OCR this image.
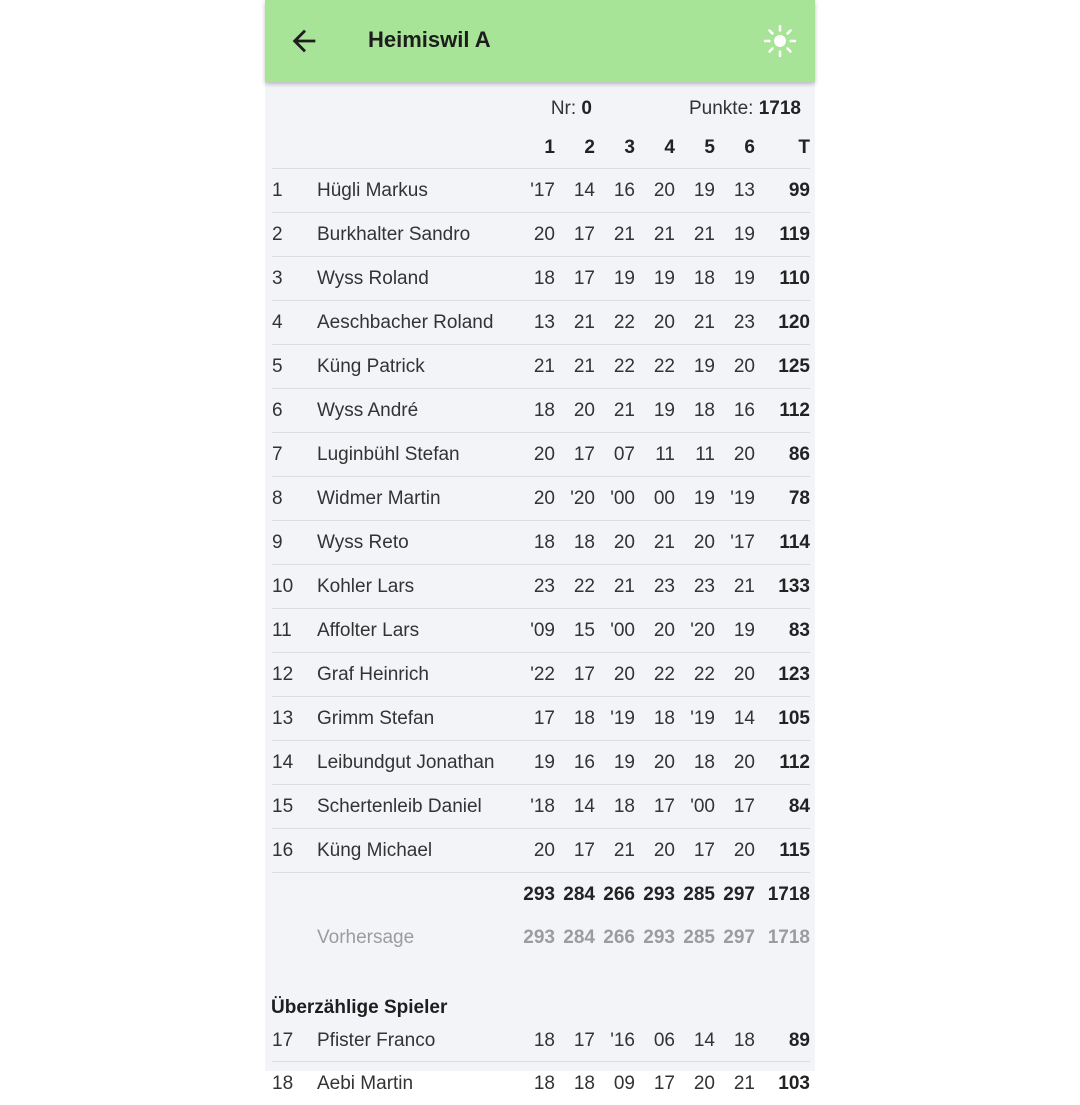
Heimiswil A
Nr: 0	Punkte: 1718
		1	2	3	4	5	6	T
1	Hügli Markus	'17	14	16	20	19	13	99
2	Burkhalter Sandro	20	17	21	21	21	19	119
3	Wyss Roland	18	17	19	19	18	19	110
4	Aeschbacher Roland	13	21	22	20	21	23	120
5	Küng Patrick	21	21	22	22	19	20	125
6	Wyss André	18	20	21	19	18	16	112
7	Luginbühl Stefan	20	17	07	11	11	20	86
8	Widmer Martin	20	'20	'00	00	19	'19	78
9	Wyss Reto	18	18	20	21	20	'17	114
10	Kohler Lars	23	22	21	23	23	21	133
11	Affolter Lars	'09	15	'00	20	'20	19	83
12	Graf Heinrich	'22	17	20	22	22	20	123
13	Grimm Stefan	17	18	'19	18	'19	14	105
14	Leibundgut Jonathan	19	16	19	20	18	20	112
15	Schertenleib Daniel	'18	14	18	17	'00	17	84
16	Küng Michael	20	17	21	20	17	20	115
		293	284	266	293	285	297	1718
	Vorhersage	293	284	266	293	285	297	1718
Überzählige Spieler								
17	Pfister Franco	18	17	'16	06	14	18	89
18	Aebi Martin	18	18	09	17	20	21	103
